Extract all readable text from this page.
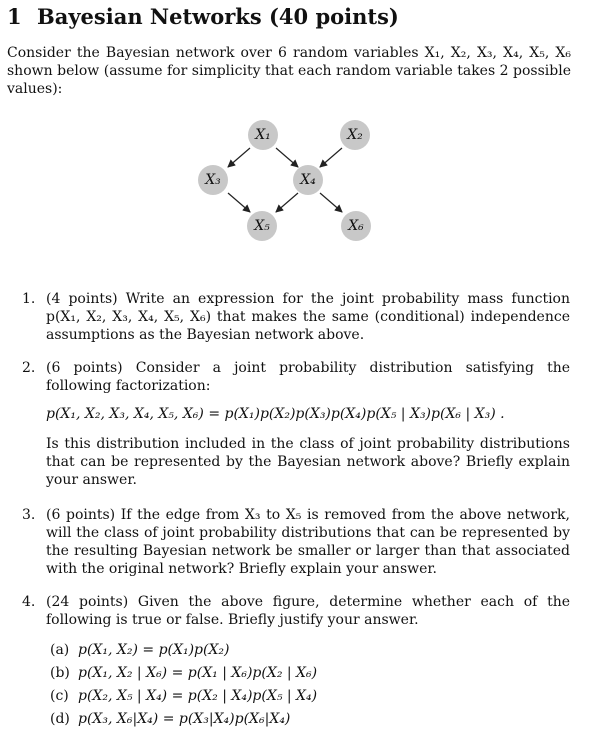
1 Bayesian Networks (40 points)

Consider the Bayesian network over 6 random variables X₁, X₂, X₃, X₄, X₅, X₆ shown below (assume for simplicity that each random variable takes 2 possible values):

X₁	X₂
X₃	X₄
X₅	X₆
1. (4 points) Write an expression for the joint probability mass function p(X₁, X₂, X₃, X₄, X₅, X₆) that makes the same (conditional) independence assumptions as the Bayesian network above.
2. (6 points) Consider a joint probability distribution satisfying the following factorization:
p(X₁, X₂, X₃, X₄, X₅, X₆) = p(X₁)p(X₂)p(X₃)p(X₄)p(X₅ | X₃)p(X₆ | X₃) .
Is this distribution included in the class of joint probability distributions that can be represented by the Bayesian network above? Briefly explain your answer.
3. (6 points) If the edge from X₃ to X₅ is removed from the above network, will the class of joint probability distributions that can be represented by the resulting Bayesian network be smaller or larger than that associated with the original network? Briefly explain your answer.
4. (24 points) Given the above figure, determine whether each of the following is true or false. Briefly justify your answer.
(a) p(X₁, X₂) = p(X₁)p(X₂)
(b) p(X₁, X₂ | X₆) = p(X₁ | X₆)p(X₂ | X₆)
(c) p(X₂, X₅ | X₄) = p(X₂ | X₄)p(X₅ | X₄)
(d) p(X₃, X₆|X₄) = p(X₃|X₄)p(X₆|X₄)
